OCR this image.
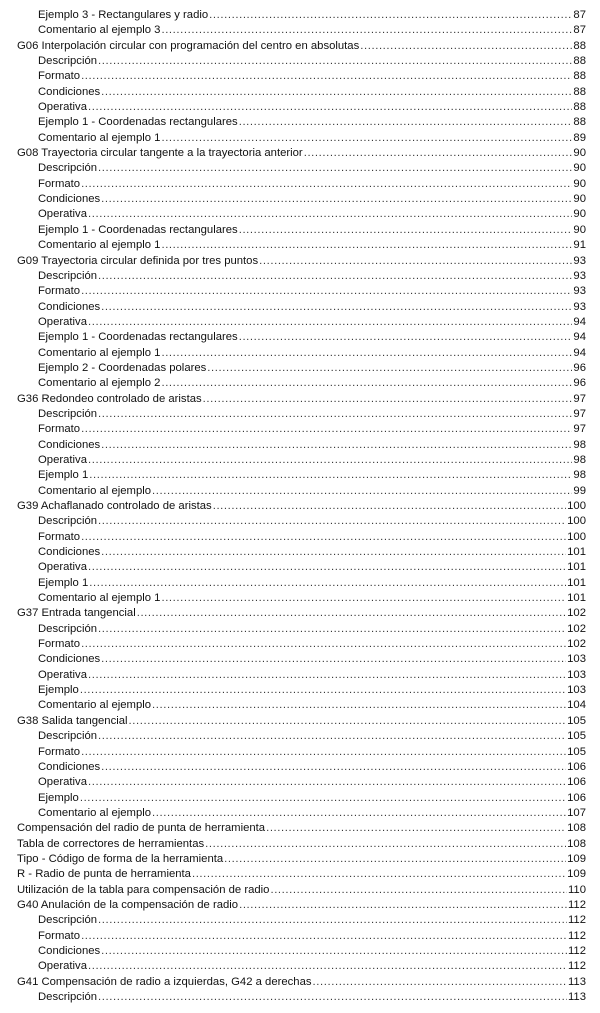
Ejemplo 3 - Rectangulares y radio .....	87
Comentario al ejemplo 3 .....	87
G06 Interpolación circular con programación del centro en absolutas .....	88
Descripción .....	88
Formato .....	88
Condiciones .....	88
Operativa .....	88
Ejemplo 1 - Coordenadas rectangulares .....	88
Comentario al ejemplo 1 .....	89
G08 Trayectoria circular tangente a la trayectoria anterior .....	90
Descripción .....	90
Formato .....	90
Condiciones .....	90
Operativa .....	90
Ejemplo 1 - Coordenadas rectangulares .....	90
Comentario al ejemplo 1 .....	91
G09 Trayectoria circular definida por tres puntos .....	93
Descripción .....	93
Formato .....	93
Condiciones .....	93
Operativa .....	94
Ejemplo 1 - Coordenadas rectangulares .....	94
Comentario al ejemplo 1 .....	94
Ejemplo 2 - Coordenadas polares .....	96
Comentario al ejemplo 2 .....	96
G36 Redondeo controlado de aristas .....	97
Descripción .....	97
Formato .....	97
Condiciones .....	98
Operativa .....	98
Ejemplo 1 .....	98
Comentario al ejemplo .....	99
G39 Achaflanado controlado de aristas .....	100
Descripción .....	100
Formato .....	100
Condiciones .....	101
Operativa .....	101
Ejemplo 1 .....	101
Comentario al ejemplo 1 .....	101
G37 Entrada tangencial .....	102
Descripción .....	102
Formato .....	102
Condiciones .....	103
Operativa .....	103
Ejemplo .....	103
Comentario al ejemplo .....	104
G38 Salida tangencial .....	105
Descripción .....	105
Formato .....	105
Condiciones .....	106
Operativa .....	106
Ejemplo .....	106
Comentario al ejemplo .....	107
Compensación del radio de punta de herramienta .....	108
Tabla de correctores de herramientas .....	108
Tipo - Código de forma de la herramienta .....	109
R - Radio de punta de herramienta .....	109
Utilización de la tabla para compensación de radio .....	110
G40 Anulación de la compensación de radio .....	112
Descripción .....	112
Formato .....	112
Condiciones .....	112
Operativa .....	112
G41 Compensación de radio a izquierdas, G42 a derechas .....	113
Descripción .....	113
